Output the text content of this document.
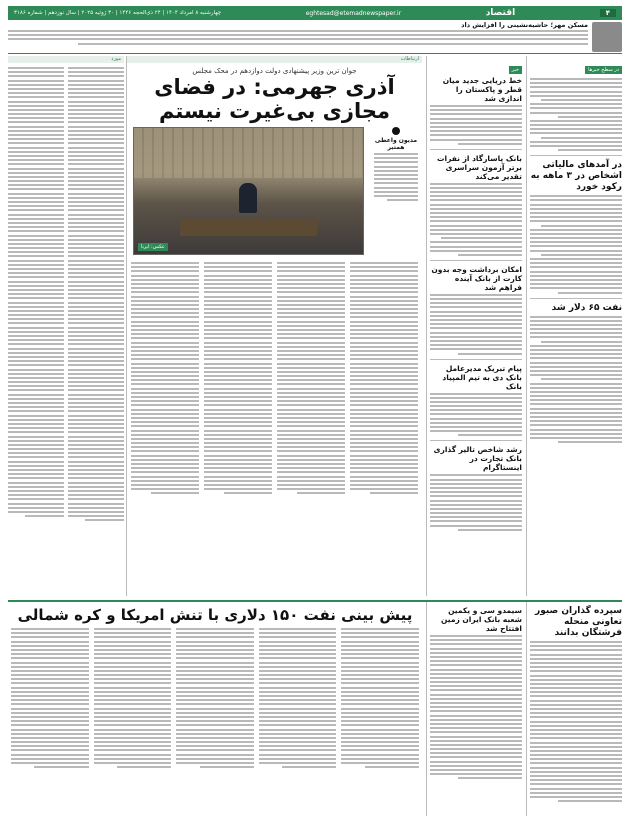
۴
اقتصاد
eghtesad@etemadnewspaper.ir
چهارشنبه ۸ امرداد ۱۴۰۴ | ۲۴ ذی‌الحجه ۱۴۴۶ | ۳۰ ژوئیه ۲۰۲۵ | سال نوزدهم | شماره ۳۱۸۶
مسکن مهر؛ حاشیه‌نشینی را افزایش داد
در سطح خبرها
در آمدهای مالیاتی اشخاص در ۳ ماهه به رکود خورد
نفت ۶۵ دلار شد
خبر
خط دریایی جدید میان قطر و پاکستان را اندازی شد
بانک پاسارگاد از نفرات برتر آزمون سراسری تقدیر می‌کند
امکان برداشت وجه بدون کارت از بانک آینده فراهم شد
پیام تبریک مدیرعامل بانک دی به تیم المپیاد بانک
رشد شاخص تالیر گذاری بانک تجارت در اینستاگرام
ارتباطات
جوان ترین وزیر پیشنهادی دولت دوازدهم در محک مجلس
آذری جهرمی: در فضای مجازی بی‌غیرت نیستم
عکس: ایرنا
مدیون واعطی همتیر
مورد
سپرده گذاران صبور تعاونی منحله فرشتگان بدانند
سیمدو سی و یکمین شعبه بانک ایران زمین افتتاح شد
پیش بینی نفت ۱۵۰ دلاری با تنش امریکا و کره شمالی
